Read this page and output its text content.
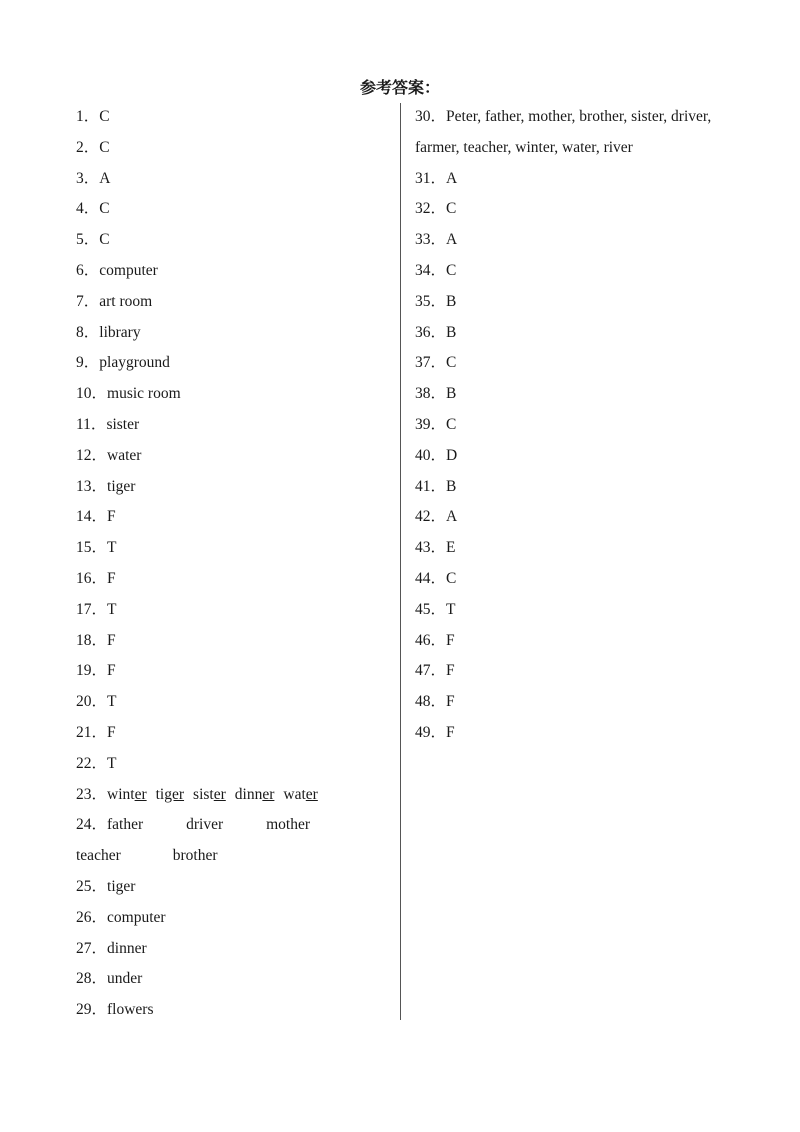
参考答案：
1．C
2．C
3．A
4．C
5．C
6．computer
7．art room
8．library
9．playground
10．music room
11．sister
12．water
13．tiger
14．F
15．T
16．F
17．T
18．F
19．F
20．T
21．F
22．T
23．winter tiger sister dinner water
24． father	driver	mother
teacher	brother
25．tiger
26．computer
27．dinner
28．under
29．flowers
30．Peter, father, mother, brother, sister, driver,
farmer, teacher, winter, water, river
31．A
32．C
33．A
34．C
35．B
36．B
37．C
38．B
39．C
40．D
41．B
42．A
43．E
44．C
45．T
46．F
47．F
48．F
49．F
